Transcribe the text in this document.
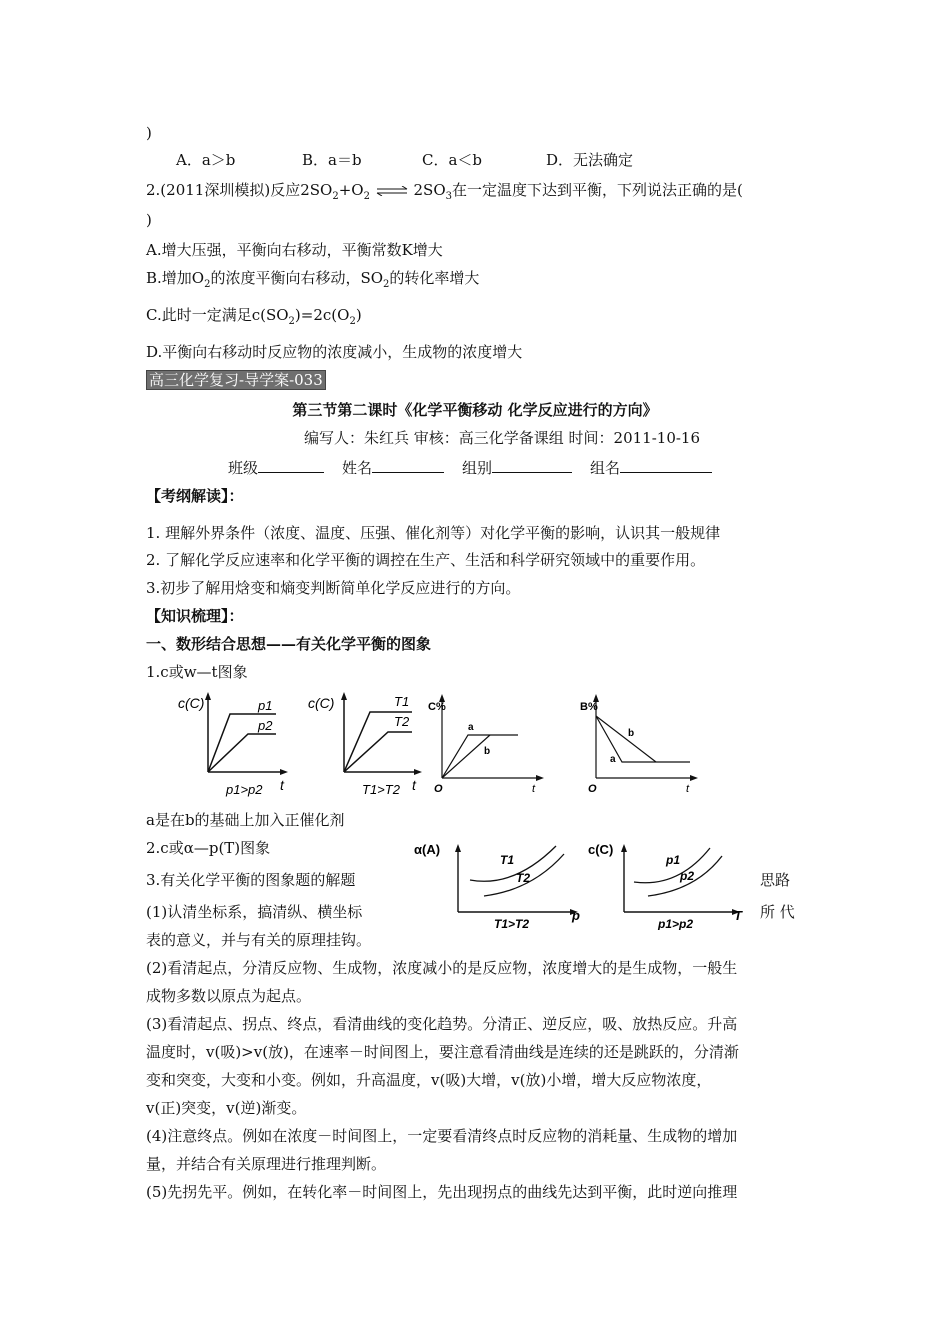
)
A．a＞b	B．a＝b	C．a＜b	D．无法确定
2.(2011深圳模拟)反应$2SO_2+O_2$ ⇌ $2SO_3$在一定温度下达到平衡，下列说法正确的是(
)
A.增大压强，平衡向右移动，平衡常数K增大
B.增加$O_2$的浓度平衡向右移动，$SO_2$的转化率增大
C.此时一定满足$c(SO_2)=2c(O_2)$
D.平衡向右移动时反应物的浓度减小，生成物的浓度增大
高三化学复习-导学案-033
第三节第二课时《化学平衡移动 化学反应进行的方向》
编写人：朱红兵 审核：高三化学备课组 时间：2011-10-16
班级	姓名	组别	组名
【考纲解读】：
1. 理解外界条件（浓度、温度、压强、催化剂等）对化学平衡的影响，认识其一般规律
2. 了解化学反应速率和化学平衡的调控在生产、生活和科学研究领域中的重要作用。
3.初步了解用焓变和熵变判断简单化学反应进行的方向。
【知识梳理】：
一、数形结合思想——有关化学平衡的图象
1.c或w—t图象
c(C)	p1
p2
p1>p2 t
c(C)	T1
T2
T1>T2 t
C%
a
b
O	t
B%
a
b
O	t
a是在b的基础上加入正催化剂
2.c或α—p(T)图象
3.有关化学平衡的图象题的解题	思路
(1)认清坐标系，搞清纵、横坐标	所 代
α(A)
T1
T2
T1>T2
p
c(C)
p1
p2
p1>p2
T
表的意义，并与有关的原理挂钩。
(2)看清起点，分清反应物、生成物，浓度减小的是反应物，浓度增大的是生成物，一般生
成物多数以原点为起点。
(3)看清起点、拐点、终点，看清曲线的变化趋势。分清正、逆反应，吸、放热反应。升高
温度时，v(吸)>v(放)，在速率－时间图上，要注意看清曲线是连续的还是跳跃的，分清渐
变和突变，大变和小变。例如，升高温度，v(吸)大增，v(放)小增，增大反应物浓度，
v(正)突变，v(逆)渐变。
(4)注意终点。例如在浓度－时间图上，一定要看清终点时反应物的消耗量、生成物的增加
量，并结合有关原理进行推理判断。
(5)先拐先平。例如，在转化率－时间图上，先出现拐点的曲线先达到平衡，此时逆向推理
